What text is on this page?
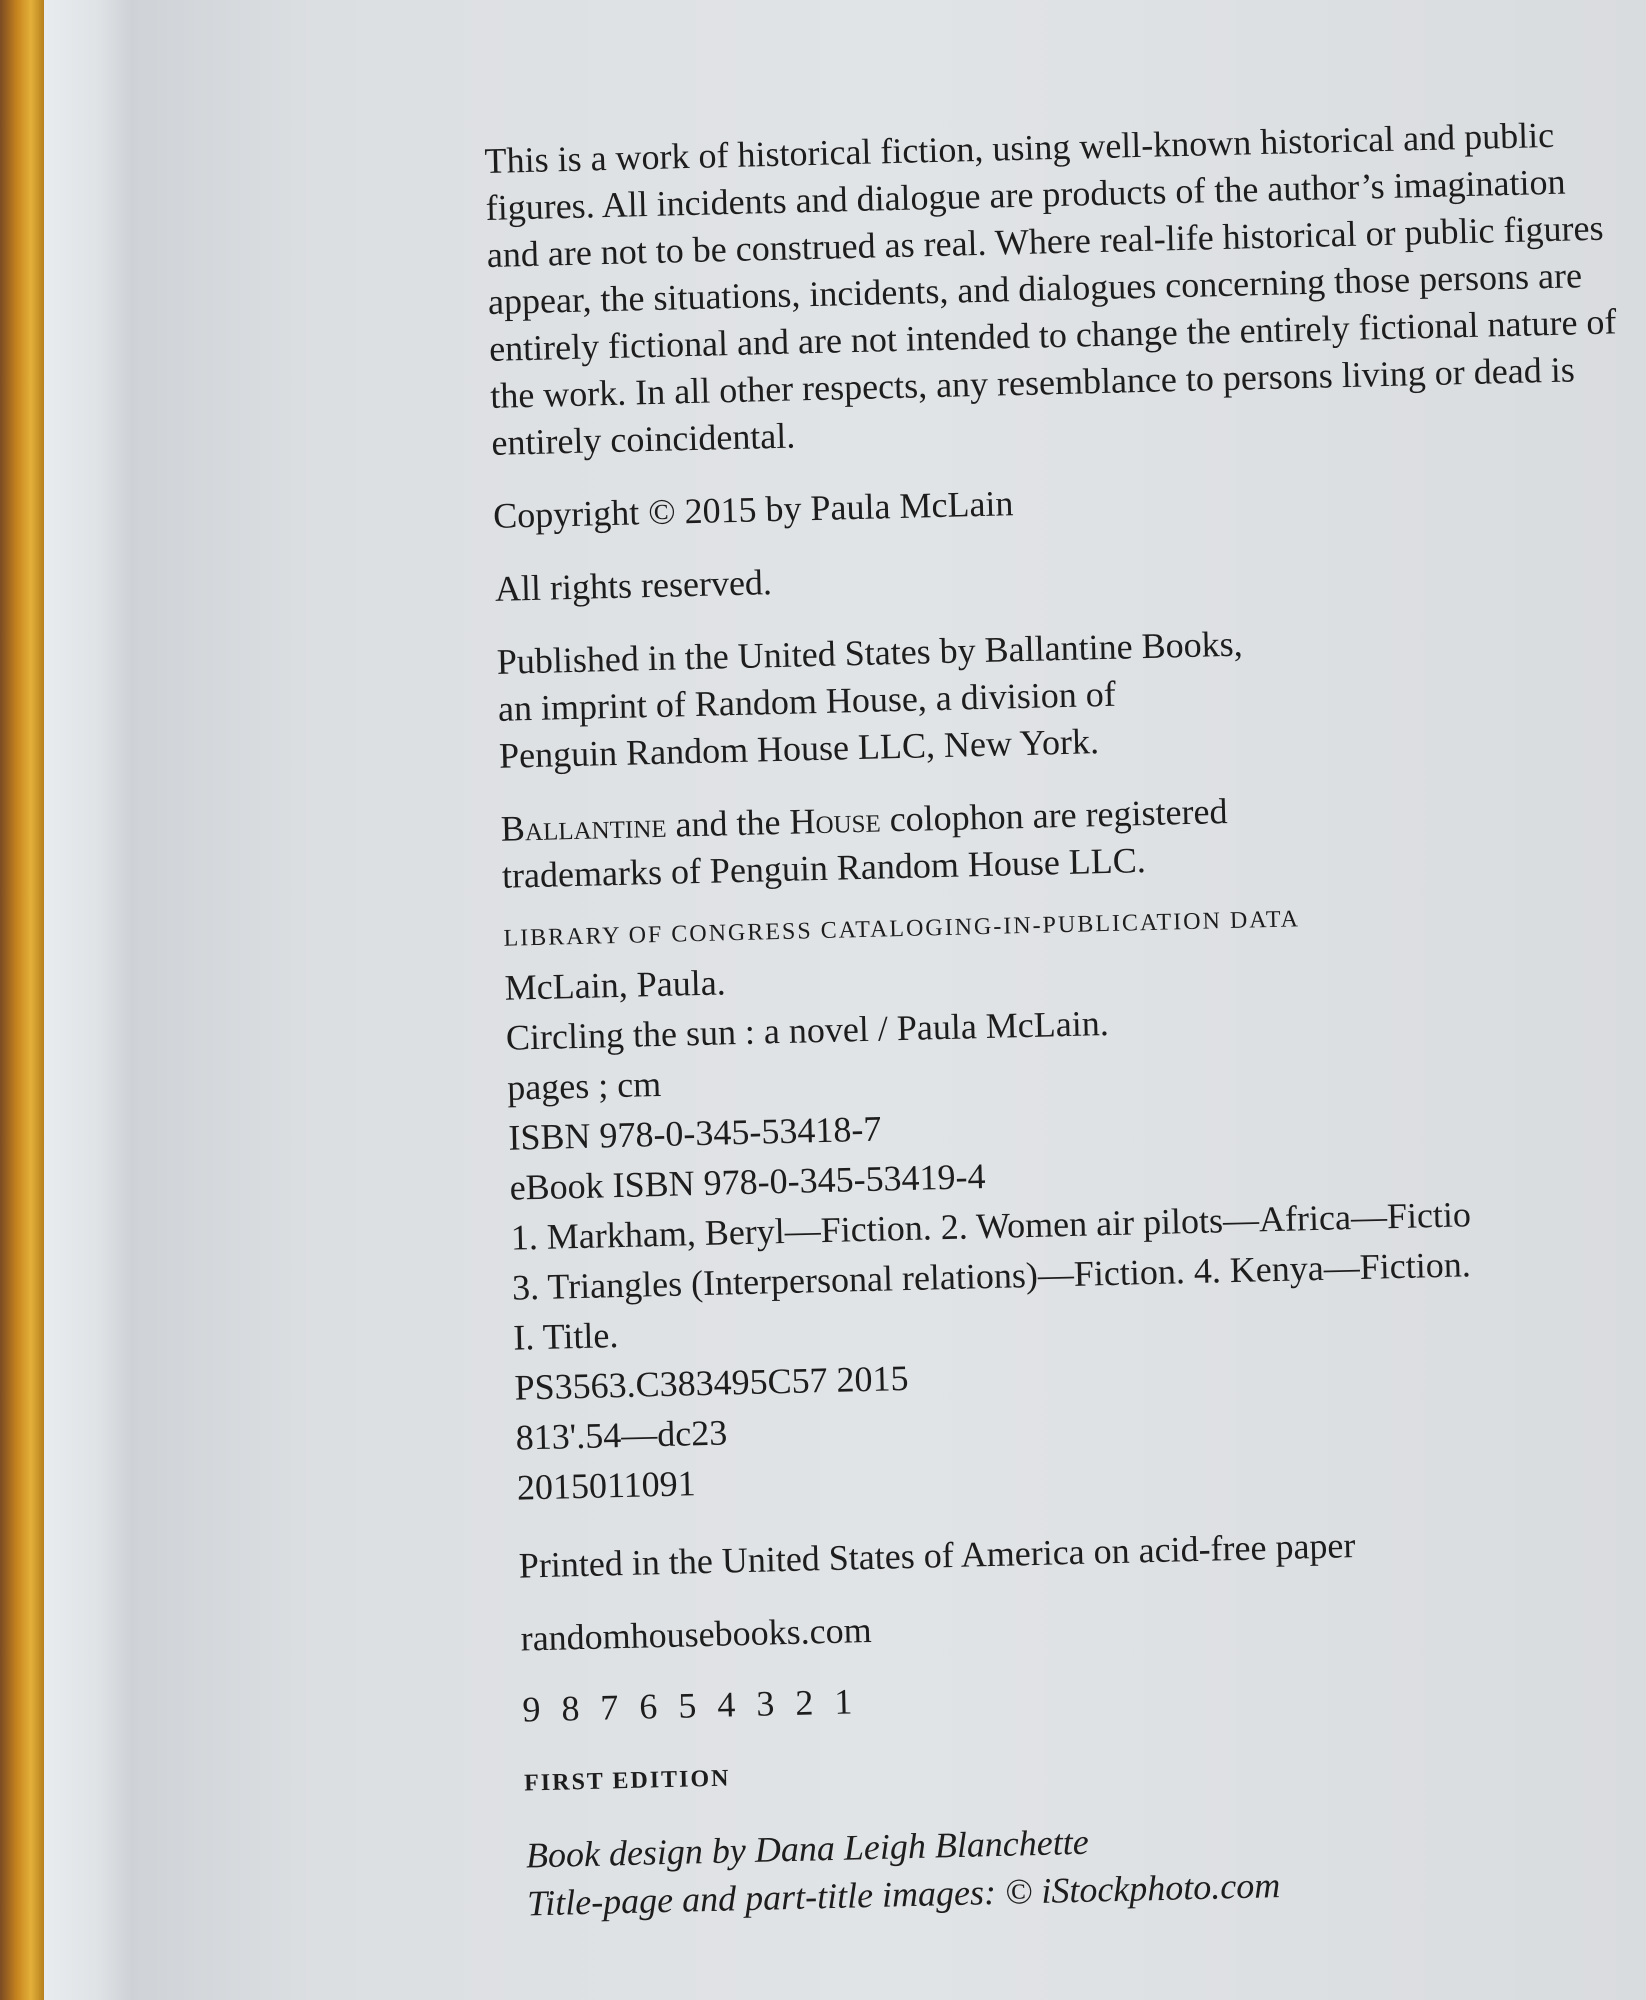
This is a work of historical fiction, using well-known historical and public figures. All incidents and dialogue are products of the author’s imagination and are not to be construed as real. Where real-life historical or public figures appear, the situations, incidents, and dialogues concerning those persons are entirely fictional and are not intended to change the entirely fictional nature of the work. In all other respects, any resemblance to persons living or dead is entirely coincidental.

Copyright © 2015 by Paula McLain

All rights reserved.

Published in the United States by Ballantine Books,
an imprint of Random House, a division of
Penguin Random House LLC, New York.
Ballantine and the House colophon are registered
trademarks of Penguin Random House LLC.
LIBRARY OF CONGRESS CATALOGING-IN-PUBLICATION DATA
McLain, Paula.
Circling the sun : a novel / Paula McLain.
pages ; cm
ISBN 978-0-345-53418-7
eBook ISBN 978-0-345-53419-4
1. Markham, Beryl—Fiction. 2. Women air pilots—Africa—Fictio
3. Triangles (Interpersonal relations)—Fiction. 4. Kenya—Fiction.
I. Title.
PS3563.C383495C57 2015
813'.54—dc23
2015011091

Printed in the United States of America on acid-free paper

randomhousebooks.com

9 8 7 6 5 4 3 2 1

FIRST EDITION

Book design by Dana Leigh Blanchette
Title-page and part-title images: © iStockphoto.com
